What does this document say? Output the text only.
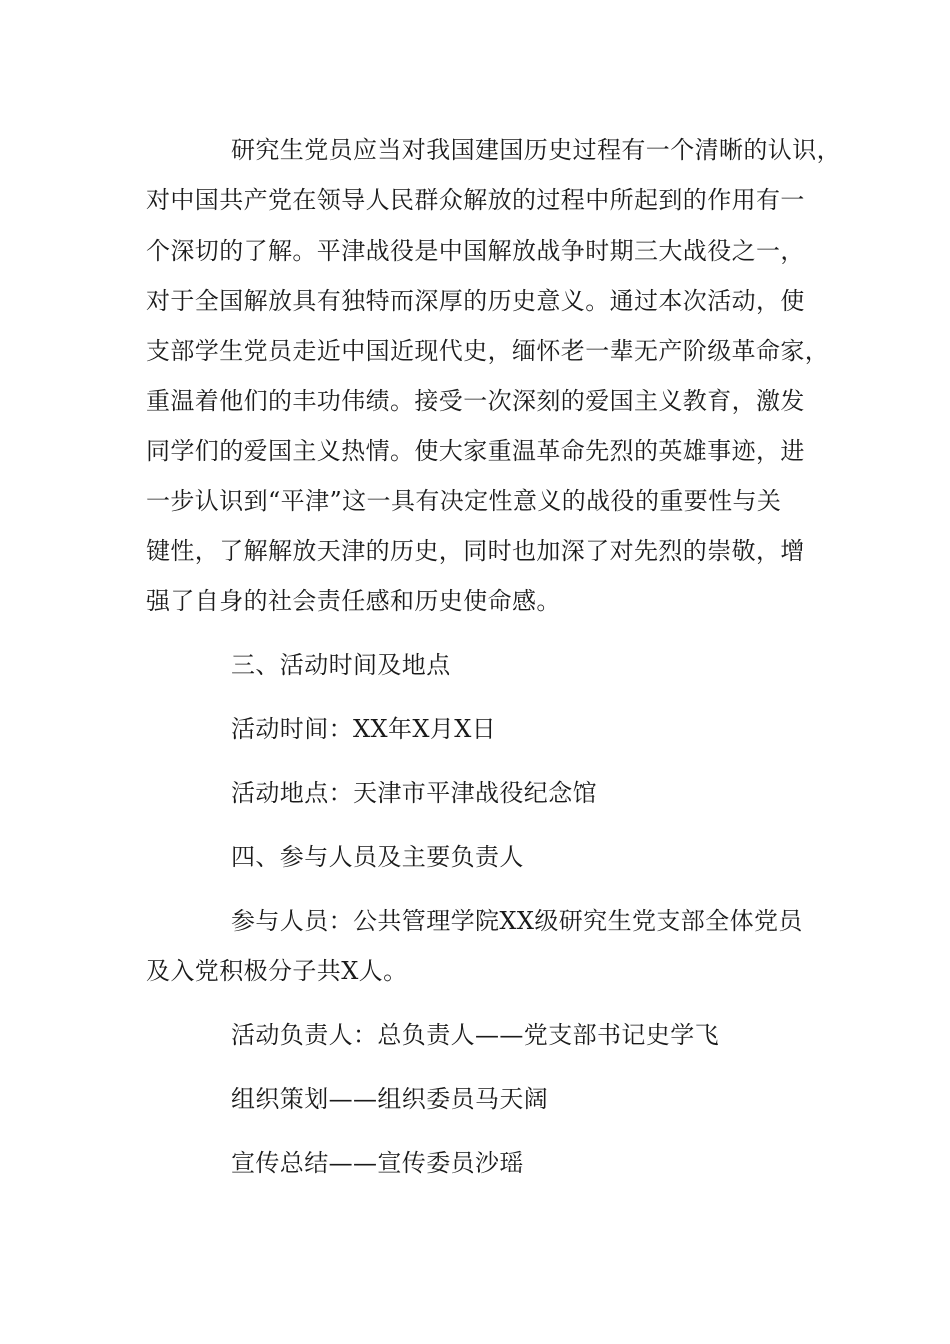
研究生党员应当对我国建国历史过程有一个清晰的认识，
对中国共产党在领导人民群众解放的过程中所起到的作用有一
个深切的了解。平津战役是中国解放战争时期三大战役之一，
对于全国解放具有独特而深厚的历史意义。通过本次活动，使
支部学生党员走近中国近现代史，缅怀老一辈无产阶级革命家，
重温着他们的丰功伟绩。接受一次深刻的爱国主义教育，激发
同学们的爱国主义热情。使大家重温革命先烈的英雄事迹，进
一步认识到“平津”这一具有决定性意义的战役的重要性与关
键性，了解解放天津的历史，同时也加深了对先烈的崇敬，增
强了自身的社会责任感和历史使命感。
三、活动时间及地点
活动时间：XX年X月X日
活动地点：天津市平津战役纪念馆
四、参与人员及主要负责人
参与人员：公共管理学院XX级研究生党支部全体党员
及入党积极分子共X人。
活动负责人：总负责人——党支部书记史学飞
组织策划——组织委员马天阔
宣传总结——宣传委员沙瑶
